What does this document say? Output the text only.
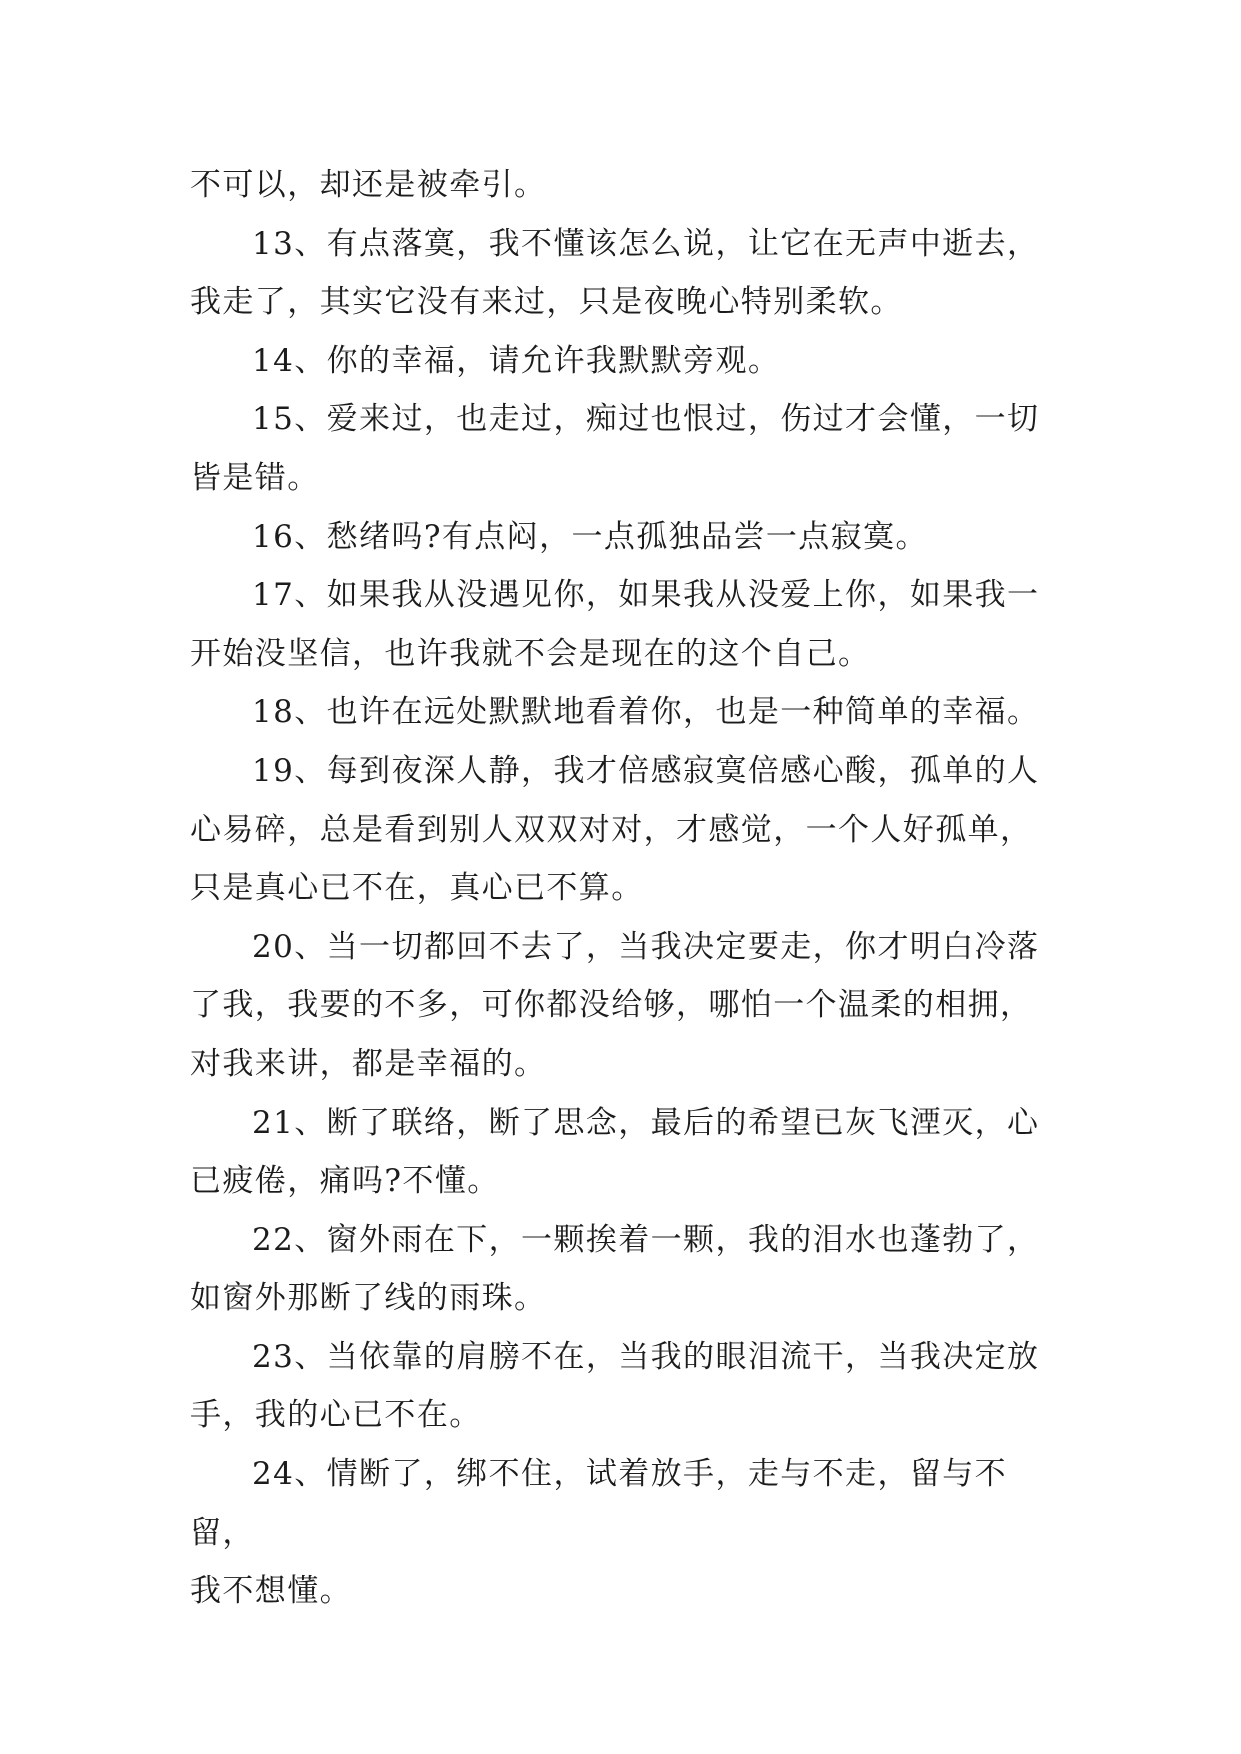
不可以，却还是被牵引。

13、有点落寞，我不懂该怎么说，让它在无声中逝去，
我走了，其实它没有来过，只是夜晚心特别柔软。

14、你的幸福，请允许我默默旁观。

15、爱来过，也走过，痴过也恨过，伤过才会懂，一切
皆是错。

16、愁绪吗?有点闷，一点孤独品尝一点寂寞。

17、如果我从没遇见你，如果我从没爱上你，如果我一
开始没坚信，也许我就不会是现在的这个自己。

18、也许在远处默默地看着你，也是一种简单的幸福。

19、每到夜深人静，我才倍感寂寞倍感心酸，孤单的人
心易碎，总是看到别人双双对对，才感觉，一个人好孤单，
只是真心已不在，真心已不算。

20、当一切都回不去了，当我决定要走，你才明白冷落
了我，我要的不多，可你都没给够，哪怕一个温柔的相拥，
对我来讲，都是幸福的。

21、断了联络，断了思念，最后的希望已灰飞湮灭，心
已疲倦，痛吗?不懂。

22、窗外雨在下，一颗挨着一颗，我的泪水也蓬勃了，
如窗外那断了线的雨珠。

23、当依靠的肩膀不在，当我的眼泪流干，当我决定放
手，我的心已不在。

24、情断了，绑不住，试着放手，走与不走，留与不留，
我不想懂。
